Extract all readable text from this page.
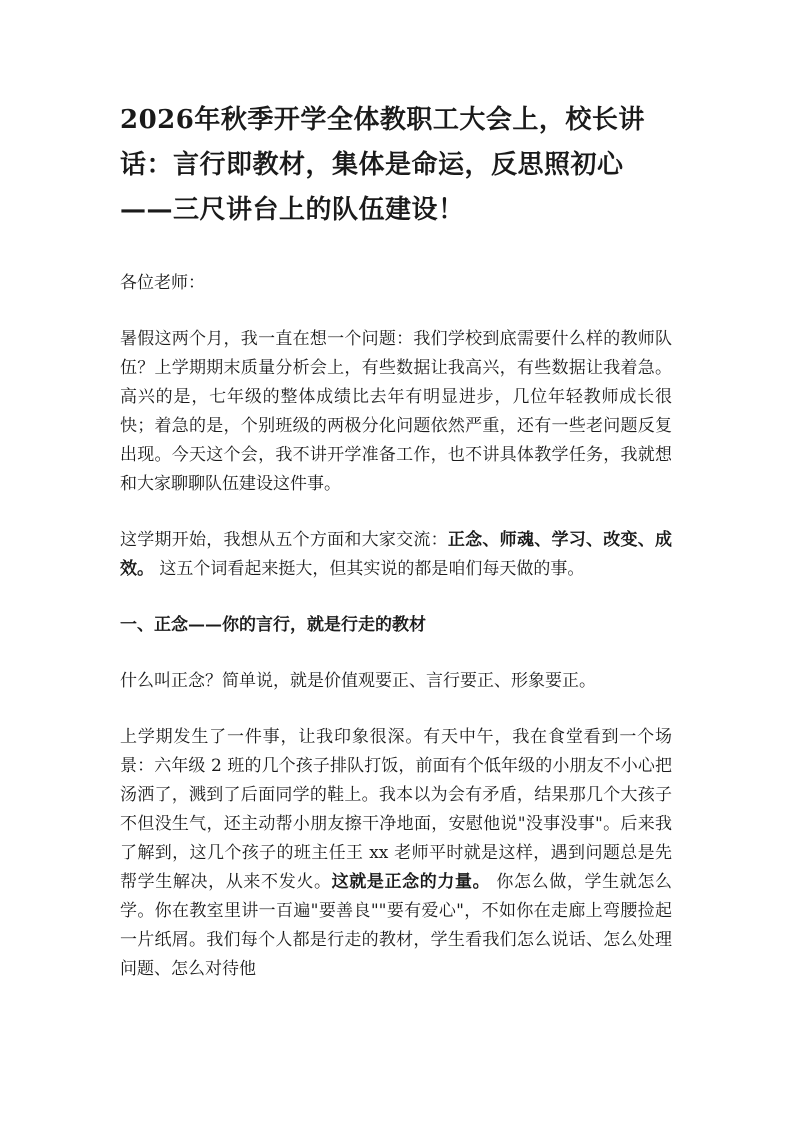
2026年秋季开学全体教职工大会上，校长讲话：言行即教材，集体是命运，反思照初心——三尺讲台上的队伍建设！

各位老师：

暑假这两个月，我一直在想一个问题：我们学校到底需要什么样的教师队伍？上学期期末质量分析会上，有些数据让我高兴，有些数据让我着急。高兴的是，七年级的整体成绩比去年有明显进步，几位年轻教师成长很快；着急的是，个别班级的两极分化问题依然严重，还有一些老问题反复出现。今天这个会，我不讲开学准备工作，也不讲具体教学任务，我就想和大家聊聊队伍建设这件事。

这学期开始，我想从五个方面和大家交流：正念、师魂、学习、改变、成效。 这五个词看起来挺大，但其实说的都是咱们每天做的事。

一、正念——你的言行，就是行走的教材

什么叫正念？简单说，就是价值观要正、言行要正、形象要正。

上学期发生了一件事，让我印象很深。有天中午，我在食堂看到一个场景：六年级 2 班的几个孩子排队打饭，前面有个低年级的小朋友不小心把汤洒了，溅到了后面同学的鞋上。我本以为会有矛盾，结果那几个大孩子不但没生气，还主动帮小朋友擦干净地面，安慰他说"没事没事"。后来我了解到，这几个孩子的班主任王 xx 老师平时就是这样，遇到问题总是先帮学生解决，从来不发火。这就是正念的力量。 你怎么做，学生就怎么学。你在教室里讲一百遍"要善良""要有爱心"，不如你在走廊上弯腰捡起一片纸屑。我们每个人都是行走的教材，学生看我们怎么说话、怎么处理问题、怎么对待他
